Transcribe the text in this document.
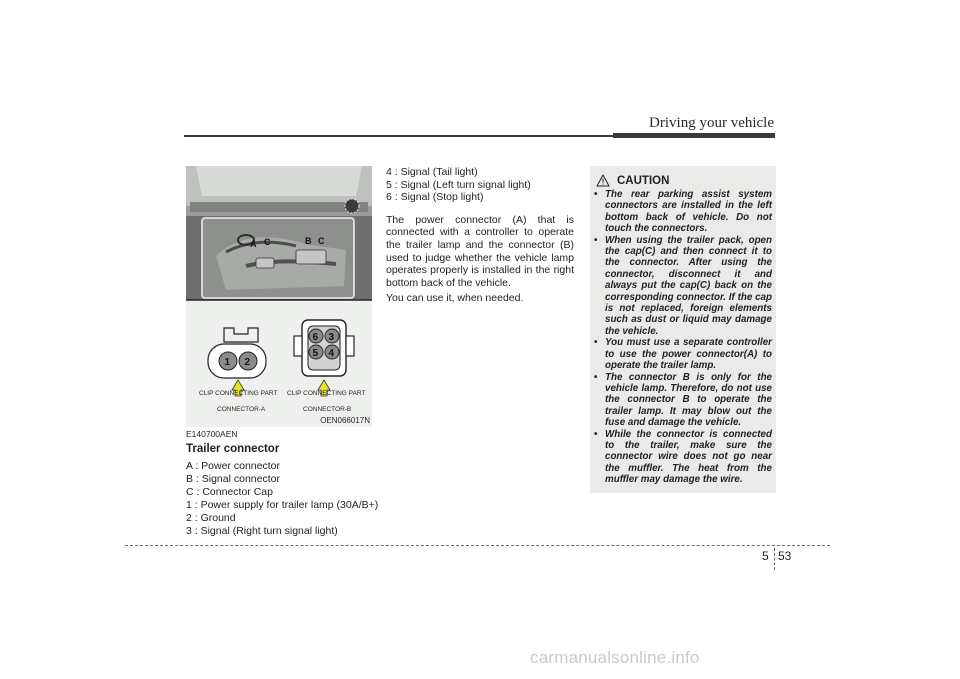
Driving your vehicle
A C	B C
1 2
6 3
5 4
CLIP CONNECTING PART CLIP CONNECTING PART
CONNECTOR-A	CONNECTOR-B
OEN066017N
E140700AEN
Trailer connector
A : Power connector
B : Signal connector
C : Connector Cap
1 : Power supply for trailer lamp (30A/B+)
2 : Ground
3 : Signal (Right turn signal light)
4 : Signal (Tail light)
5 : Signal (Left turn signal light)
6 : Signal (Stop light)
The power connector (A) that is connected with a controller to operate the trailer lamp and the connector (B) used to judge whether the vehicle lamp operates properly is installed in the right bottom back of the vehicle.
You can use it, when needed.
CAUTION
• The rear parking assist system connectors are installed in the left bottom back of vehicle. Do not touch the connectors.
• When using the trailer pack, open the cap(C) and then connect it to the connector. After using the connector, disconnect it and always put the cap(C) back on the corresponding connector. If the cap is not replaced, foreign elements such as dust or liquid may damage the vehicle.
• You must use a separate controller to use the power connector(A) to operate the trailer lamp.
• The connector B is only for the vehicle lamp. Therefore, do not use the connector B to operate the trailer lamp. It may blow out the fuse and damage the vehicle.
• While the connector is connected to the trailer, make sure the connector wire does not go near the muffler. The heat from the muffler may damage the wire.
5 53
carmanualsonline.info
